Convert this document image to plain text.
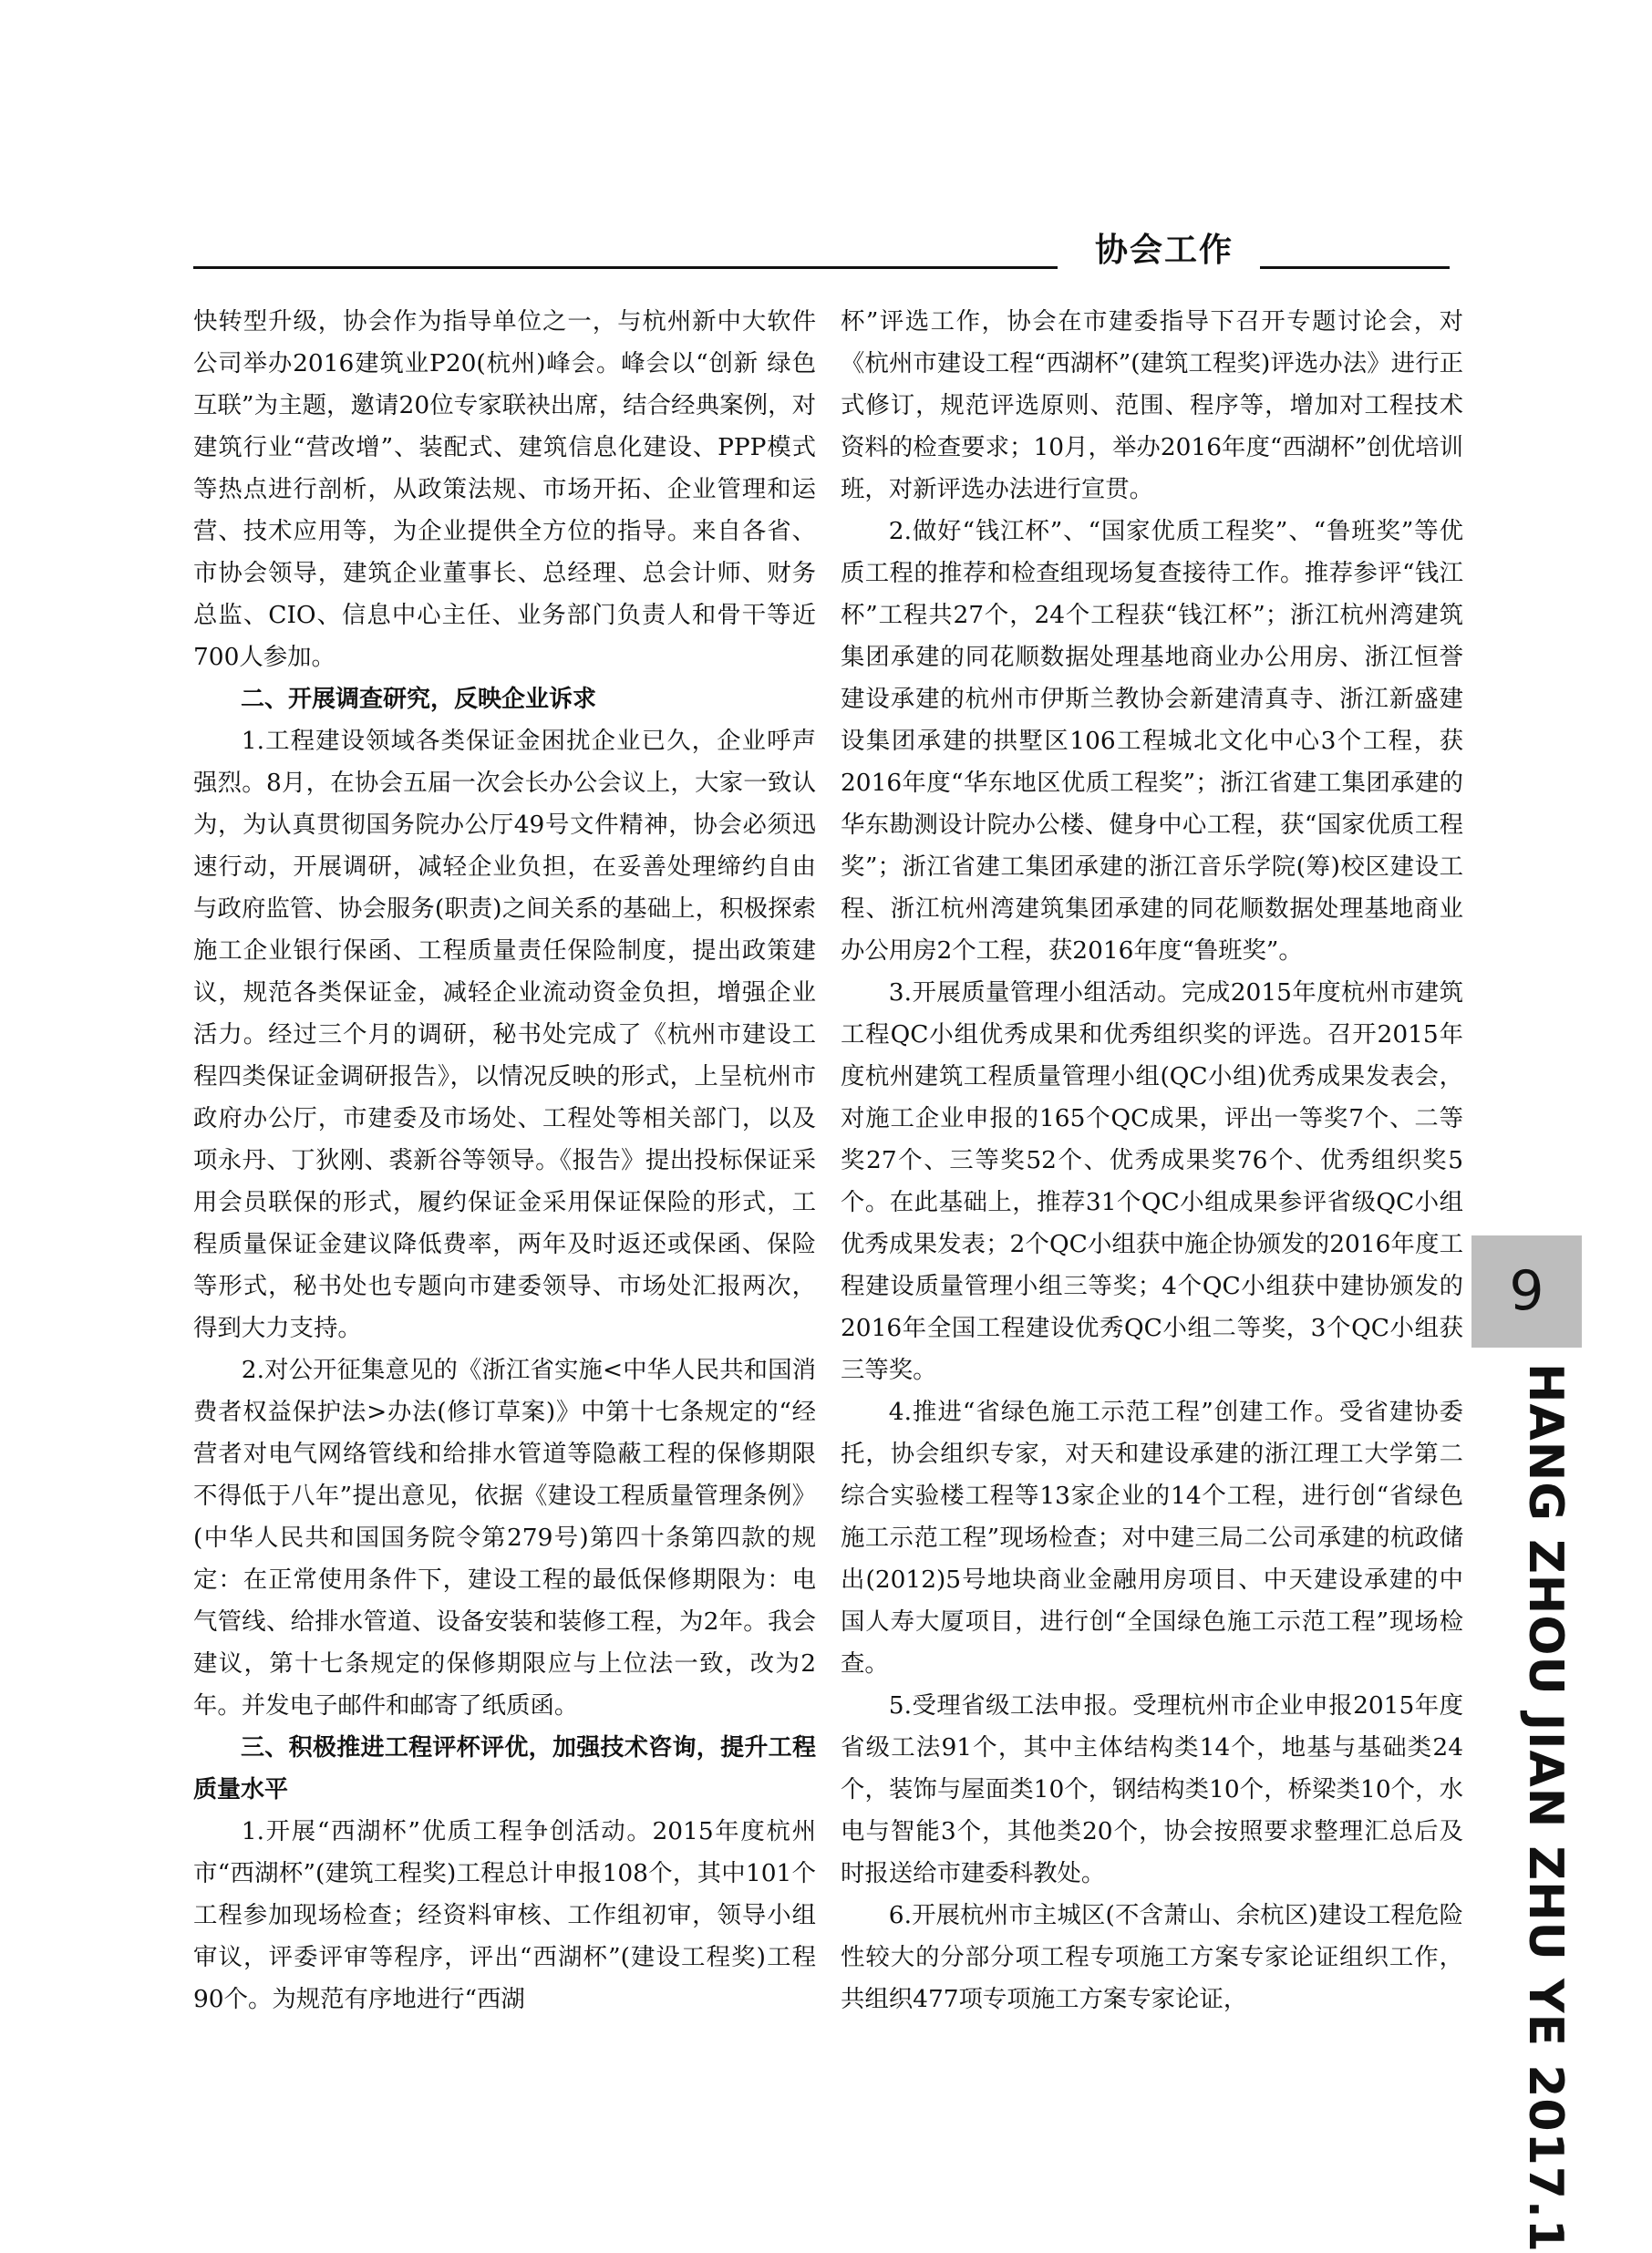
协会工作

快转型升级，协会作为指导单位之一，与杭州新中大软件公司举办2016建筑业P20(杭州)峰会。峰会以“创新 绿色 互联”为主题，邀请20位专家联袂出席，结合经典案例，对建筑行业“营改增”、装配式、建筑信息化建设、PPP模式等热点进行剖析，从政策法规、市场开拓、企业管理和运营、技术应用等，为企业提供全方位的指导。来自各省、市协会领导，建筑企业董事长、总经理、总会计师、财务总监、CIO、信息中心主任、业务部门负责人和骨干等近700人参加。

二、开展调查研究，反映企业诉求

1.工程建设领域各类保证金困扰企业已久，企业呼声强烈。8月，在协会五届一次会长办公会议上，大家一致认为，为认真贯彻国务院办公厅49号文件精神，协会必须迅速行动，开展调研，减轻企业负担，在妥善处理缔约自由与政府监管、协会服务(职责)之间关系的基础上，积极探索施工企业银行保函、工程质量责任保险制度，提出政策建议，规范各类保证金，减轻企业流动资金负担，增强企业活力。经过三个月的调研，秘书处完成了《杭州市建设工程四类保证金调研报告》，以情况反映的形式，上呈杭州市政府办公厅，市建委及市场处、工程处等相关部门，以及项永丹、丁狄刚、裘新谷等领导。《报告》提出投标保证采用会员联保的形式，履约保证金采用保证保险的形式，工程质量保证金建议降低费率，两年及时返还或保函、保险等形式，秘书处也专题向市建委领导、市场处汇报两次，得到大力支持。

2.对公开征集意见的《浙江省实施<中华人民共和国消费者权益保护法>办法(修订草案)》中第十七条规定的“经营者对电气网络管线和给排水管道等隐蔽工程的保修期限不得低于八年”提出意见，依据《建设工程质量管理条例》(中华人民共和国国务院令第279号)第四十条第四款的规定：在正常使用条件下，建设工程的最低保修期限为：电气管线、给排水管道、设备安装和装修工程，为2年。我会建议，第十七条规定的保修期限应与上位法一致，改为2年。并发电子邮件和邮寄了纸质函。

三、积极推进工程评杯评优，加强技术咨询，提升工程质量水平

1.开展“西湖杯”优质工程争创活动。2015年度杭州市“西湖杯”(建筑工程奖)工程总计申报108个，其中101个工程参加现场检查；经资料审核、工作组初审，领导小组审议，评委评审等程序，评出“西湖杯”(建设工程奖)工程90个。为规范有序地进行“西湖

杯”评选工作，协会在市建委指导下召开专题讨论会，对《杭州市建设工程“西湖杯”(建筑工程奖)评选办法》进行正式修订，规范评选原则、范围、程序等，增加对工程技术资料的检查要求；10月，举办2016年度“西湖杯”创优培训班，对新评选办法进行宣贯。

2.做好“钱江杯”、“国家优质工程奖”、“鲁班奖”等优质工程的推荐和检查组现场复查接待工作。推荐参评“钱江杯”工程共27个，24个工程获“钱江杯”；浙江杭州湾建筑集团承建的同花顺数据处理基地商业办公用房、浙江恒誉建设承建的杭州市伊斯兰教协会新建清真寺、浙江新盛建设集团承建的拱墅区106工程城北文化中心3个工程，获2016年度“华东地区优质工程奖”；浙江省建工集团承建的华东勘测设计院办公楼、健身中心工程，获“国家优质工程奖”；浙江省建工集团承建的浙江音乐学院(筹)校区建设工程、浙江杭州湾建筑集团承建的同花顺数据处理基地商业办公用房2个工程，获2016年度“鲁班奖”。

3.开展质量管理小组活动。完成2015年度杭州市建筑工程QC小组优秀成果和优秀组织奖的评选。召开2015年度杭州建筑工程质量管理小组(QC小组)优秀成果发表会，对施工企业申报的165个QC成果，评出一等奖7个、二等奖27个、三等奖52个、优秀成果奖76个、优秀组织奖5个。在此基础上，推荐31个QC小组成果参评省级QC小组优秀成果发表；2个QC小组获中施企协颁发的2016年度工程建设质量管理小组三等奖；4个QC小组获中建协颁发的2016年全国工程建设优秀QC小组二等奖，3个QC小组获三等奖。

4.推进“省绿色施工示范工程”创建工作。受省建协委托，协会组织专家，对天和建设承建的浙江理工大学第二综合实验楼工程等13家企业的14个工程，进行创“省绿色施工示范工程”现场检查；对中建三局二公司承建的杭政储出(2012)5号地块商业金融用房项目、中天建设承建的中国人寿大厦项目，进行创“全国绿色施工示范工程”现场检查。

5.受理省级工法申报。受理杭州市企业申报2015年度省级工法91个，其中主体结构类14个，地基与基础类24个，装饰与屋面类10个，钢结构类10个，桥梁类10个，水电与智能3个，其他类20个，协会按照要求整理汇总后及时报送给市建委科教处。

6.开展杭州市主城区(不含萧山、余杭区)建设工程危险性较大的分部分项工程专项施工方案专家论证组织工作，共组织477项专项施工方案专家论证，

9
HANG ZHOU JIAN ZHU YE 2017.1
